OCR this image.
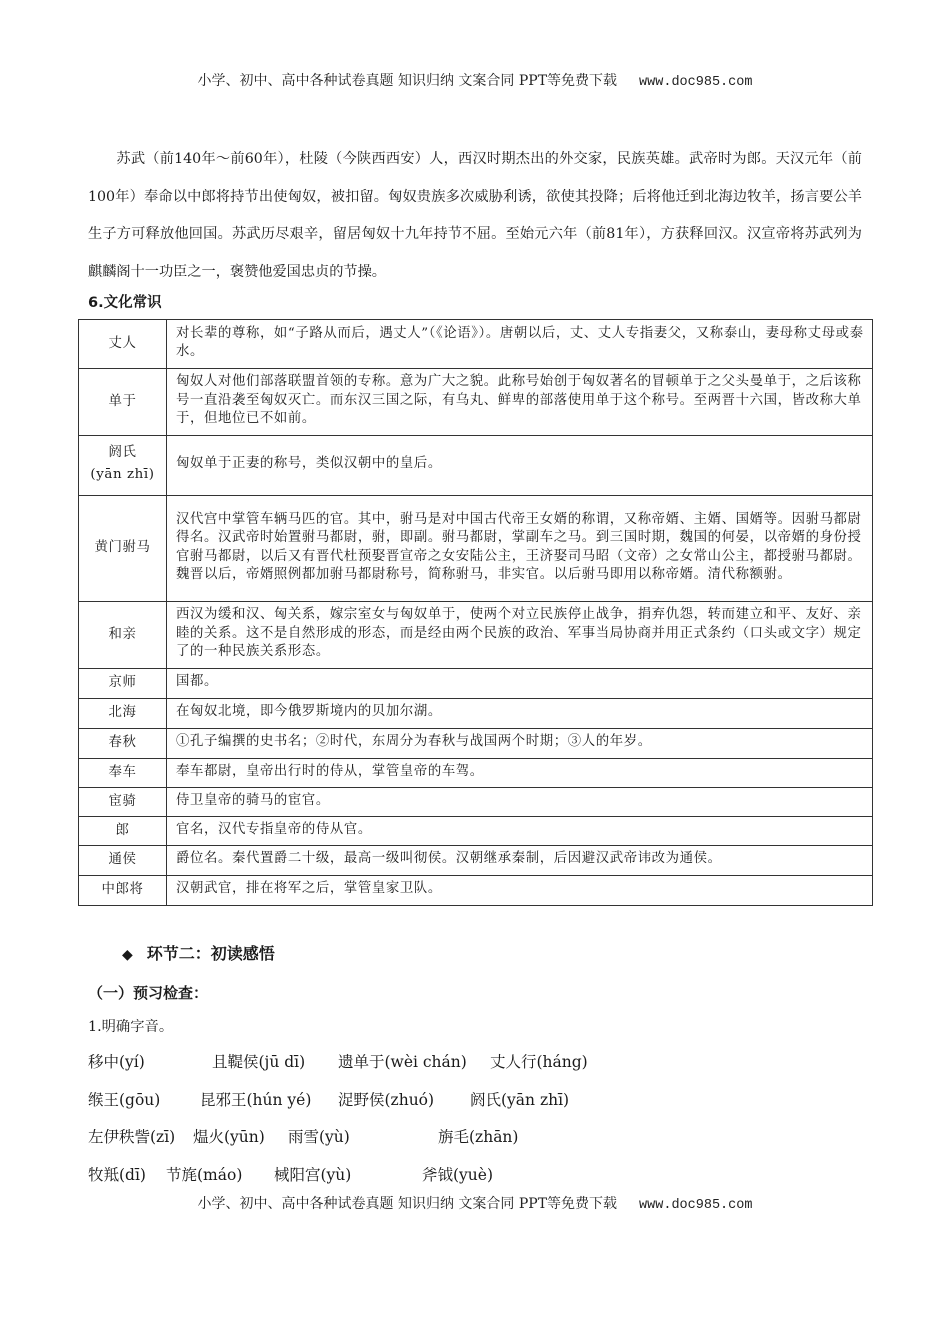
小学、初中、高中各种试卷真题 知识归纳 文案合同 PPT等免费下载 www.doc985.com

苏武（前140年～前60年），杜陵（今陕西西安）人，西汉时期杰出的外交家，民族英雄。武帝时为郎。天汉元年（前100年）奉命以中郎将持节出使匈奴，被扣留。匈奴贵族多次威胁利诱，欲使其投降；后将他迁到北海边牧羊，扬言要公羊生子方可释放他回国。苏武历尽艰辛，留居匈奴十九年持节不屈。至始元六年（前81年），方获释回汉。汉宣帝将苏武列为麒麟阁十一功臣之一，褒赞他爱国忠贞的节操。

6.文化常识
丈人	对长辈的尊称，如“子路从而后，遇丈人”（《论语》）。唐朝以后，丈、丈人专指妻父，又称泰山，妻母称丈母或泰水。
单于	匈奴人对他们部落联盟首领的专称。意为广大之貌。此称号始创于匈奴著名的冒顿单于之父头曼单于，之后该称号一直沿袭至匈奴灭亡。而东汉三国之际，有乌丸、鲜卑的部落使用单于这个称号。至两晋十六国，皆改称大单于，但地位已不如前。
阏氏
(yān zhī)	匈奴单于正妻的称号，类似汉朝中的皇后。
黄门驸马	汉代宫中掌管车辆马匹的官。其中，驸马是对中国古代帝王女婿的称谓，又称帝婿、主婿、国婿等。因驸马都尉得名。汉武帝时始置驸马都尉，驸，即副。驸马都尉，掌副车之马。到三国时期，魏国的何晏，以帝婿的身份授官驸马都尉，以后又有晋代杜预娶晋宣帝之女安陆公主，王济娶司马昭（文帝）之女常山公主，都授驸马都尉。魏晋以后，帝婿照例都加驸马都尉称号，简称驸马，非实官。以后驸马即用以称帝婿。清代称额驸。
和亲	西汉为缓和汉、匈关系，嫁宗室女与匈奴单于，使两个对立民族停止战争，捐弃仇怨，转而建立和平、友好、亲睦的关系。这不是自然形成的形态，而是经由两个民族的政治、军事当局协商并用正式条约（口头或文字）规定了的一种民族关系形态。
京师	国都。
北海	在匈奴北境，即今俄罗斯境内的贝加尔湖。
春秋	①孔子编撰的史书名；②时代，东周分为春秋与战国两个时期；③人的年岁。
奉车	奉车都尉，皇帝出行时的侍从，掌管皇帝的车驾。
宦骑	侍卫皇帝的骑马的宦官。
郎	官名，汉代专指皇帝的侍从官。
通侯	爵位名。秦代置爵二十级，最高一级叫彻侯。汉朝继承秦制，后因避汉武帝讳改为通侯。
中郎将	汉朝武官，排在将军之后，掌管皇家卫队。
◆ 环节二：初读感悟
（一）预习检查：
1.明确字音。
移中(yí)	且鞮侯(jū dī) 遗单于(wèi chán) 丈人行(háng)
缑王(gōu)	昆邪王(hún yé) 浞野侯(zhuó) 阏氏(yān zhī)
左伊秩訾(zī) 煴火(yūn) 雨雪(yù)	旃毛(zhān)
牧羝(dī) 节旄(máo) 棫阳宫(yù)	斧钺(yuè)
小学、初中、高中各种试卷真题 知识归纳 文案合同 PPT等免费下载 www.doc985.com
